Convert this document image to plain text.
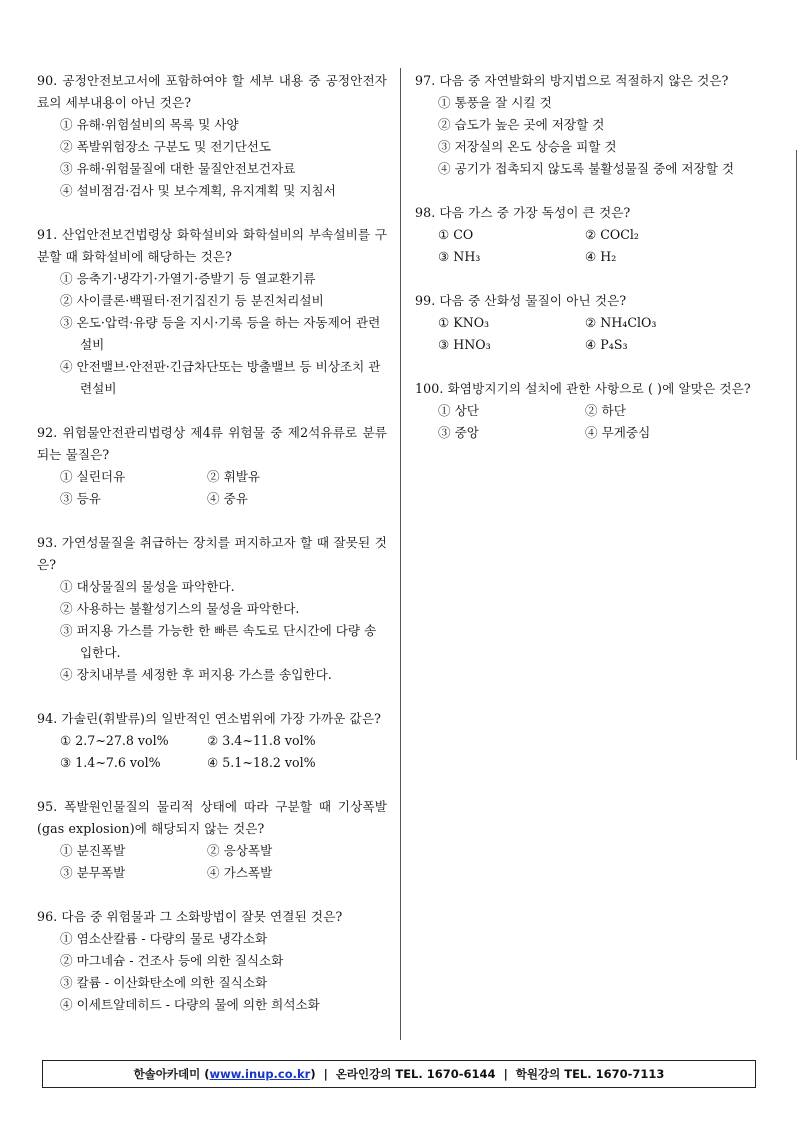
90. 공정안전보고서에 포함하여야 할 세부 내용 중 공정안전자료의 세부내용이 아닌 것은?
① 유해·위험설비의 목록 및 사양
② 폭발위험장소 구분도 및 전기단선도
③ 유해·위험물질에 대한 물질안전보건자료
④ 설비점검·검사 및 보수계획, 유지계획 및 지침서
91. 산업안전보건법령상 화학설비와 화학설비의 부속설비를 구분할 때 화학설비에 해당하는 것은?
① 응축기·냉각기·가열기·증발기 등 열교환기류
② 사이클론·백필터·전기집진기 등 분진처리설비
③ 온도·압력·유량 등을 지시·기록 등을 하는 자동제어 관련설비
④ 안전밸브·안전판·긴급차단또는 방출밸브 등 비상조치 관련설비
92. 위험물안전관리법령상 제4류 위험물 중 제2석유류로 분류되는 물질은?
① 실린더유	② 휘발유
③ 등유	④ 중유
93. 가연성물질을 취급하는 장치를 퍼지하고자 할 때 잘못된 것은?
① 대상물질의 물성을 파악한다.
② 사용하는 불활성기스의 물성을 파악한다.
③ 퍼지용 가스를 가능한 한 빠른 속도로 단시간에 다량 송입한다.
④ 장치내부를 세정한 후 퍼지용 가스를 송입한다.
94. 가솔린(휘발류)의 일반적인 연소범위에 가장 가까운 값은?
① 2.7~27.8 vol%	② 3.4~11.8 vol%
③ 1.4~7.6 vol%	④ 5.1~18.2 vol%
95. 폭발원인물질의 물리적 상태에 따라 구분할 때 기상폭발(gas explosion)에 해당되지 않는 것은?
① 분진폭발	② 응상폭발
③ 분무폭발	④ 가스폭발
96. 다음 중 위험물과 그 소화방법이 잘못 연결된 것은?
① 염소산칼륨 - 다량의 물로 냉각소화
② 마그네슘 - 건조사 등에 의한 질식소화
③ 칼륨 - 이산화탄소에 의한 질식소화
④ 이세트알데히드 - 다량의 물에 의한 희석소화
97. 다음 중 자연발화의 방지법으로 적절하지 않은 것은?
① 통풍을 잘 시킬 것
② 습도가 높은 곳에 저장할 것
③ 저장실의 온도 상승을 피할 것
④ 공기가 접촉되지 않도록 불활성물질 중에 저장할 것
98. 다음 가스 중 가장 독성이 큰 것은?
① CO	② COCl₂
③ NH₃	④ H₂
99. 다음 중 산화성 물질이 아닌 것은?
① KNO₃	② NH₄ClO₃
③ HNO₃	④ P₄S₃
100. 화염방지기의 설치에 관한 사항으로 ( )에 알맞은 것은?
① 상단	② 하단
③ 중앙	④ 무게중심
한솔아카데미 ( www.inup.co.kr ) | 온라인강의 TEL. 1670-6144 | 학원강의 TEL. 1670-7113
